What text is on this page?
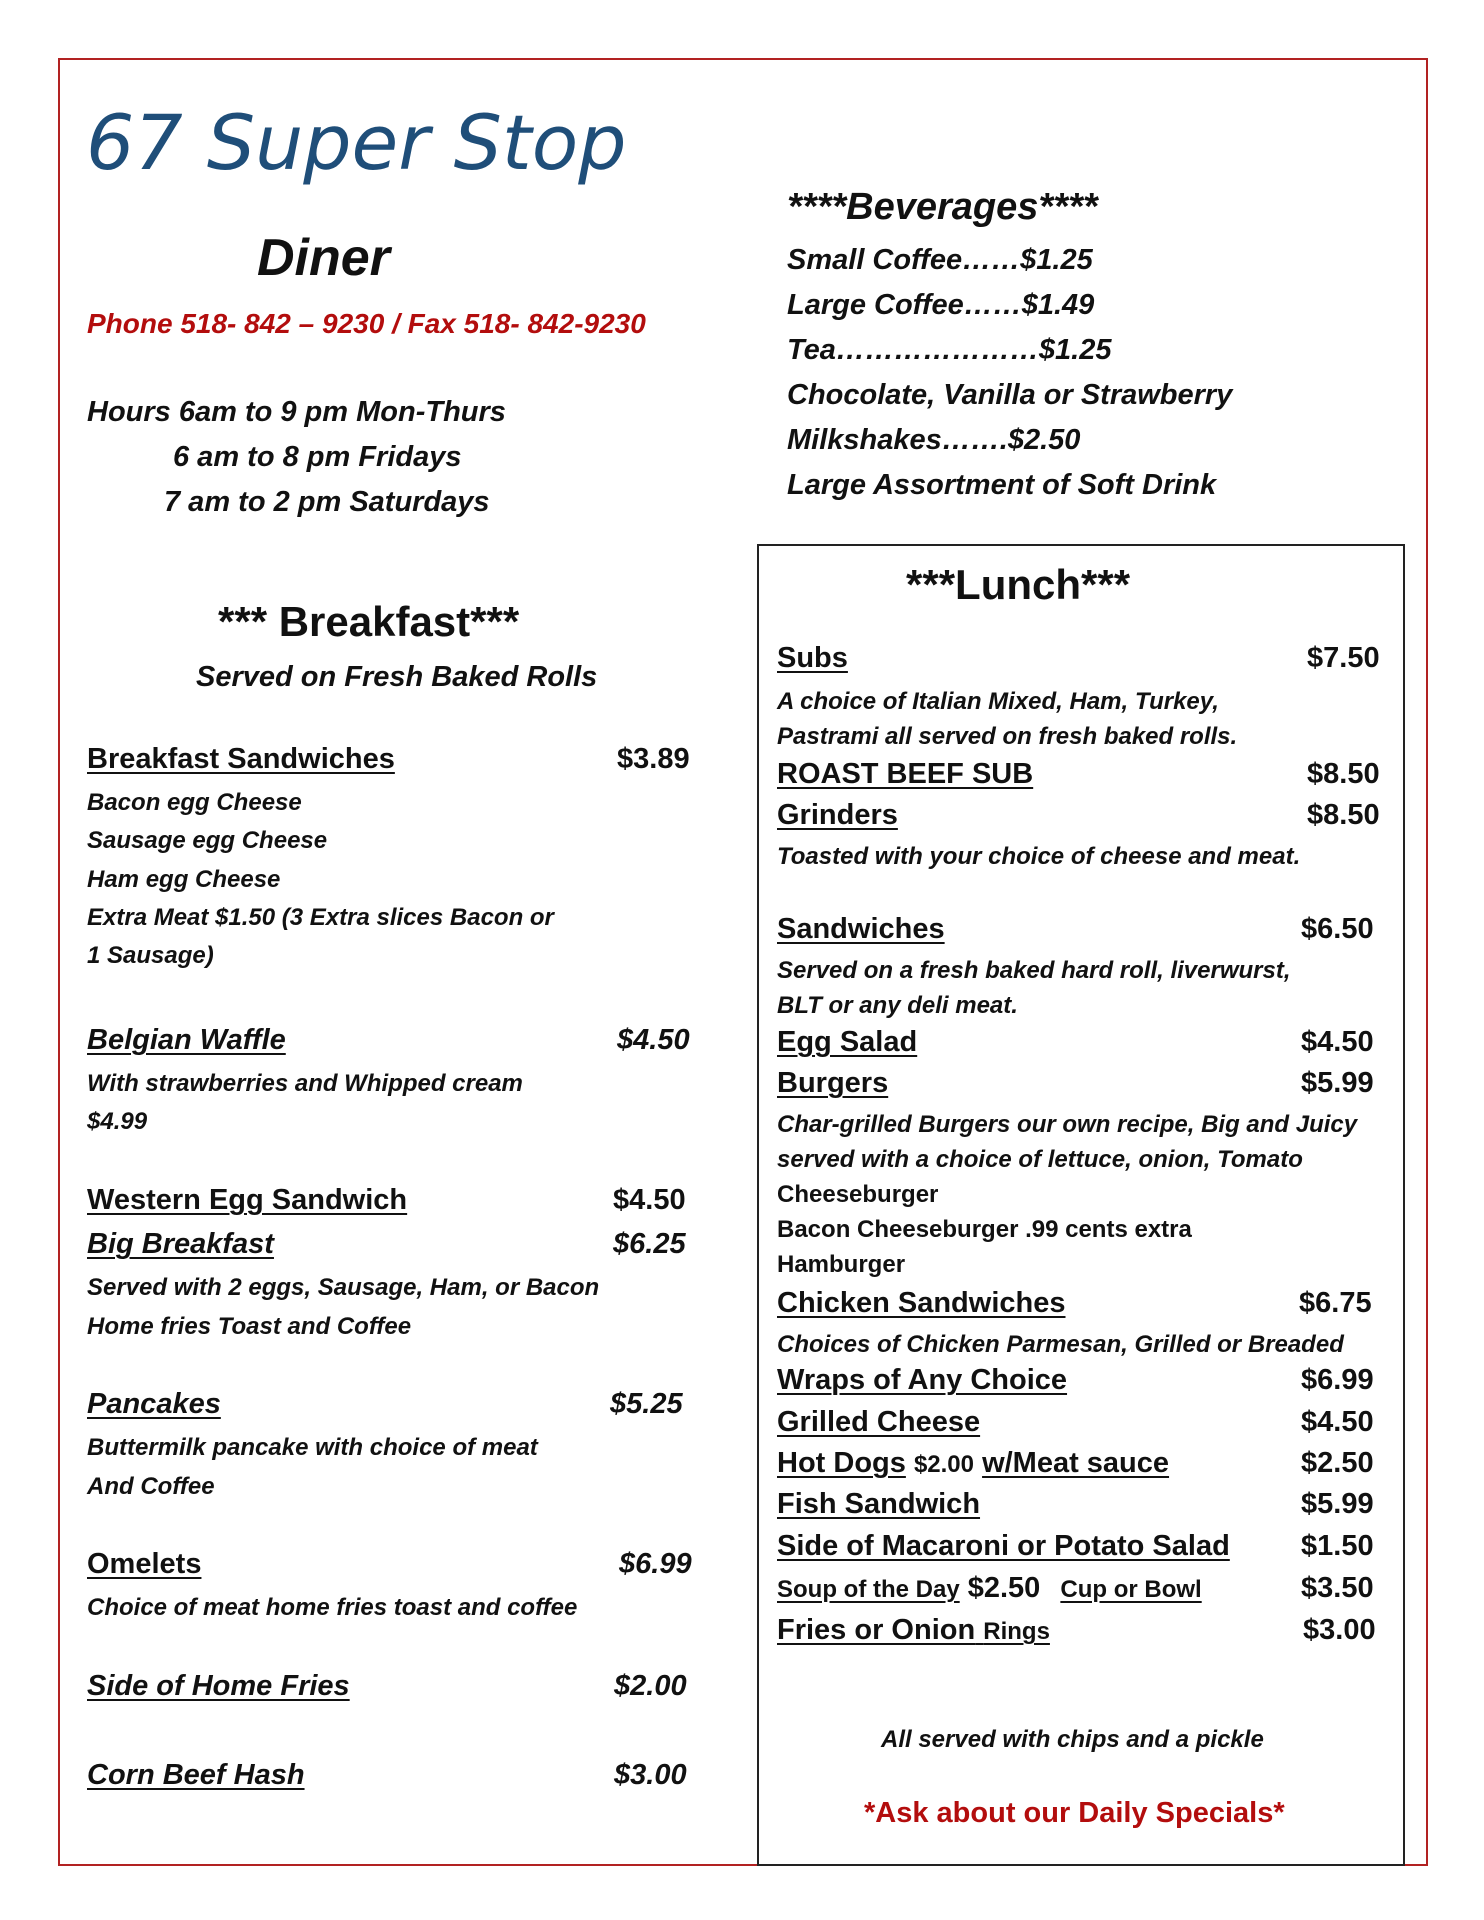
67 Super Stop
Diner
Phone 518- 842 – 9230 / Fax 518- 842-9230
Hours 6am to 9 pm Mon-Thurs
6 am to 8 pm Fridays
7 am to 2 pm Saturdays
****Beverages****
Small Coffee……$1.25
Large Coffee……$1.49
Tea…………………$1.25
Chocolate, Vanilla or Strawberry
Milkshakes…….$2.50
Large Assortment of Soft Drink
*** Breakfast***
Served on Fresh Baked Rolls
Breakfast Sandwiches	$3.89
Bacon egg Cheese
Sausage egg Cheese
Ham egg Cheese
Extra Meat $1.50 (3 Extra slices Bacon or
1 Sausage)
Belgian Waffle	$4.50
With strawberries and Whipped cream
$4.99
Western Egg Sandwich	$4.50
Big Breakfast	$6.25
Served with 2 eggs, Sausage, Ham, or Bacon
Home fries Toast and Coffee
Pancakes	$5.25
Buttermilk pancake with choice of meat
And Coffee
Omelets	$6.99
Choice of meat home fries toast and coffee
Side of Home Fries	$2.00
Corn Beef Hash	$3.00
***Lunch***
Subs	$7.50
A choice of Italian Mixed, Ham, Turkey,
Pastrami all served on fresh baked rolls.
ROAST BEEF SUB	$8.50
Grinders	$8.50
Toasted with your choice of cheese and meat.
Sandwiches	$6.50
Served on a fresh baked hard roll, liverwurst,
BLT or any deli meat.
Egg Salad	$4.50
Burgers	$5.99
Char-grilled Burgers our own recipe, Big and Juicy
served with a choice of lettuce, onion, Tomato
Cheeseburger
Bacon Cheeseburger .99 cents extra
Hamburger
Chicken Sandwiches	$6.75
Choices of Chicken Parmesan, Grilled or Breaded
Wraps of Any Choice	$6.99
Grilled Cheese	$4.50
Hot Dogs $2.00 w/Meat sauce	$2.50
Fish Sandwich	$5.99
Side of Macaroni or Potato Salad $1.50
Soup of the Day $2.50 Cup or Bowl	$3.50
Fries or Onion Rings	$3.00
All served with chips and a pickle
*Ask about our Daily Specials*
